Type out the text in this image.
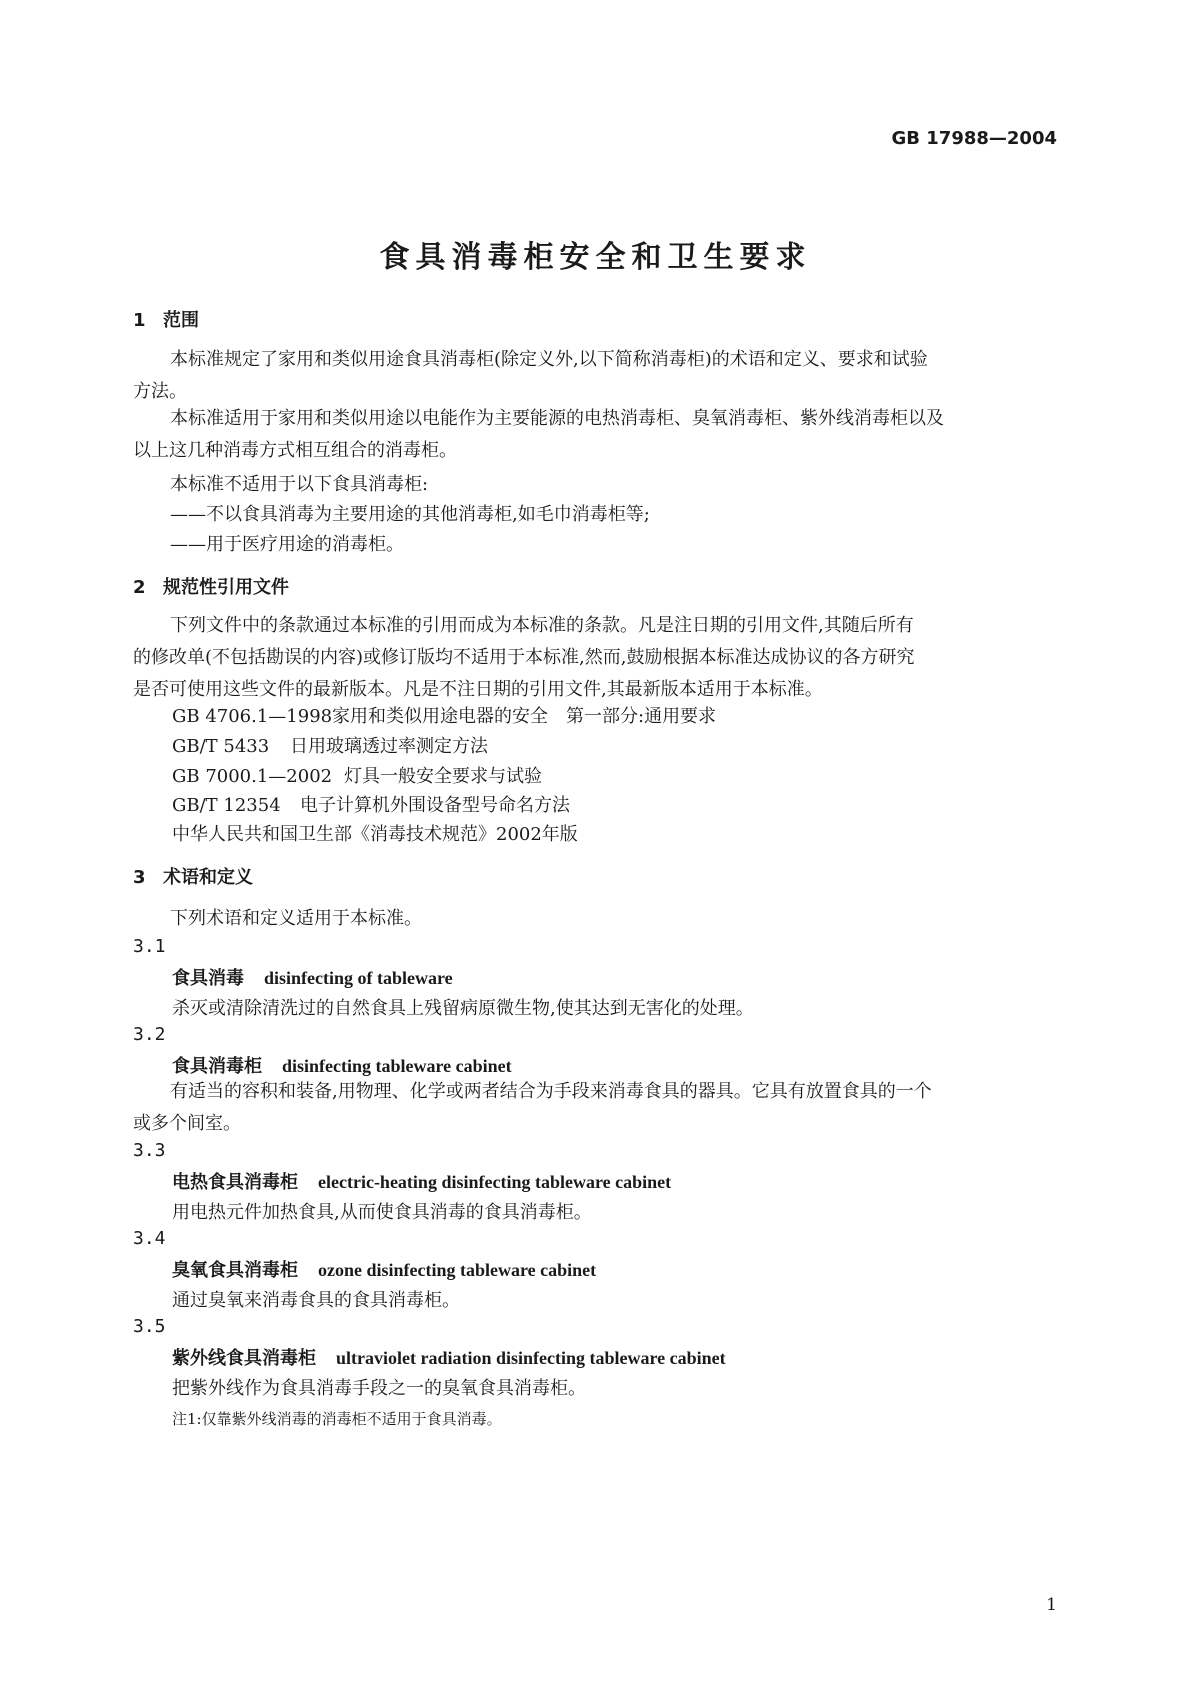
GB 17988—2004
食具消毒柜安全和卫生要求
1 范围
本标准规定了家用和类似用途食具消毒柜(除定义外,以下简称消毒柜)的术语和定义、要求和试验
方法。
本标准适用于家用和类似用途以电能作为主要能源的电热消毒柜、臭氧消毒柜、紫外线消毒柜以及
以上这几种消毒方式相互组合的消毒柜。
本标准不适用于以下食具消毒柜:
——不以食具消毒为主要用途的其他消毒柜,如毛巾消毒柜等;
——用于医疗用途的消毒柜。
2 规范性引用文件
下列文件中的条款通过本标准的引用而成为本标准的条款。凡是注日期的引用文件,其随后所有
的修改单(不包括勘误的内容)或修订版均不适用于本标准,然而,鼓励根据本标准达成协议的各方研究
是否可使用这些文件的最新版本。凡是不注日期的引用文件,其最新版本适用于本标准。
GB 4706.1—1998家用和类似用途电器的安全　第一部分:通用要求
GB/T 5433 日用玻璃透过率测定方法
GB 7000.1—2002 灯具一般安全要求与试验
GB/T 12354 电子计算机外围设备型号命名方法
中华人民共和国卫生部《消毒技术规范》2002年版
3 术语和定义
下列术语和定义适用于本标准。
3.1
食具消毒 disinfecting of tableware
杀灭或清除清洗过的自然食具上残留病原微生物,使其达到无害化的处理。
3.2
食具消毒柜 disinfecting tableware cabinet
有适当的容积和装备,用物理、化学或两者结合为手段来消毒食具的器具。它具有放置食具的一个
或多个间室。
3.3
电热食具消毒柜 electric-heating disinfecting tableware cabinet
用电热元件加热食具,从而使食具消毒的食具消毒柜。
3.4
臭氧食具消毒柜 ozone disinfecting tableware cabinet
通过臭氧来消毒食具的食具消毒柜。
3.5
紫外线食具消毒柜 ultraviolet radiation disinfecting tableware cabinet
把紫外线作为食具消毒手段之一的臭氧食具消毒柜。
注1:仅靠紫外线消毒的消毒柜不适用于食具消毒。
1
